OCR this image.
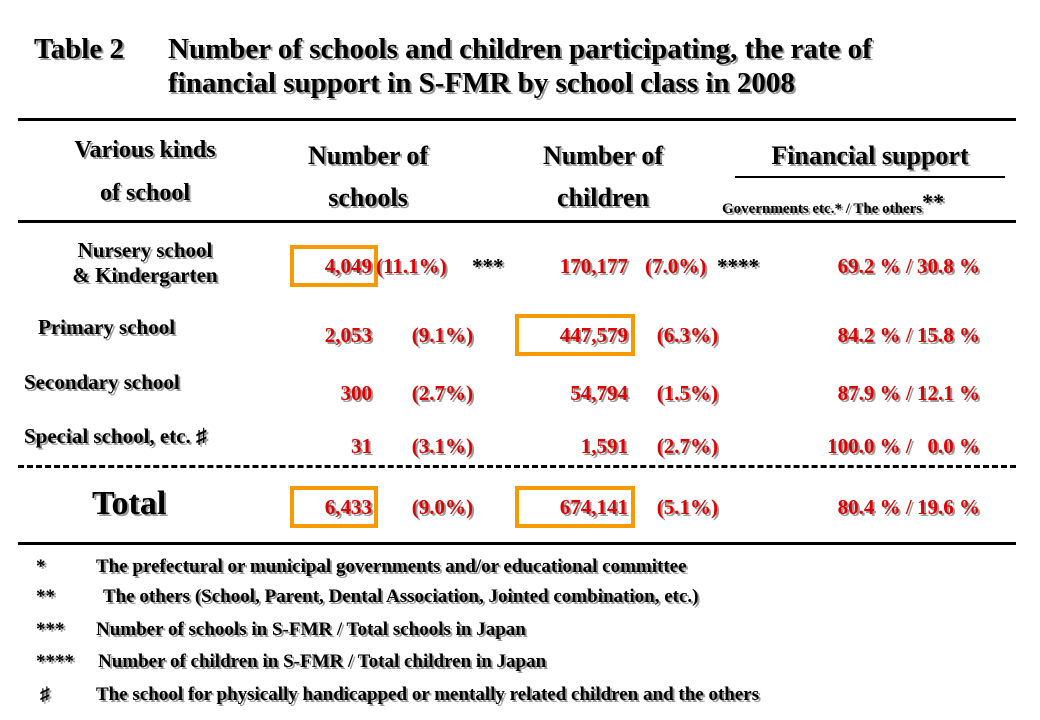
Table 2 Number of schools and children participating, the rate of
financial support in S-FMR by school class in 2008
Various kinds
of school
Number of
schools
Number of
children
Financial support
Governments etc.* / The others**
Nursery school
& Kindergarten	4,049 (11.1%) ***	170,177 (7.0%) ****	69.2 % / 30.8 %
Primary school	2,053	(9.1%)	447,579	(6.3%)	84.2 % / 15.8 %
Secondary school	300	(2.7%)	54,794	(1.5%)	87.9 % / 12.1 %
Special school, etc. ♯	31	(3.1%)	1,591	(2.7%)	100.0 % /   0.0 %
Total	6,433	(9.0%)	674,141	(5.1%)	80.4 % / 19.6 %
*	The prefectural or municipal governments and/or educational committee
**	The others (School, Parent, Dental Association, Jointed combination, etc.)
*** Number of schools in S-FMR / Total schools in Japan
**** Number of children in S-FMR / Total children in Japan
♯ The school for physically handicapped or mentally related children and the others
